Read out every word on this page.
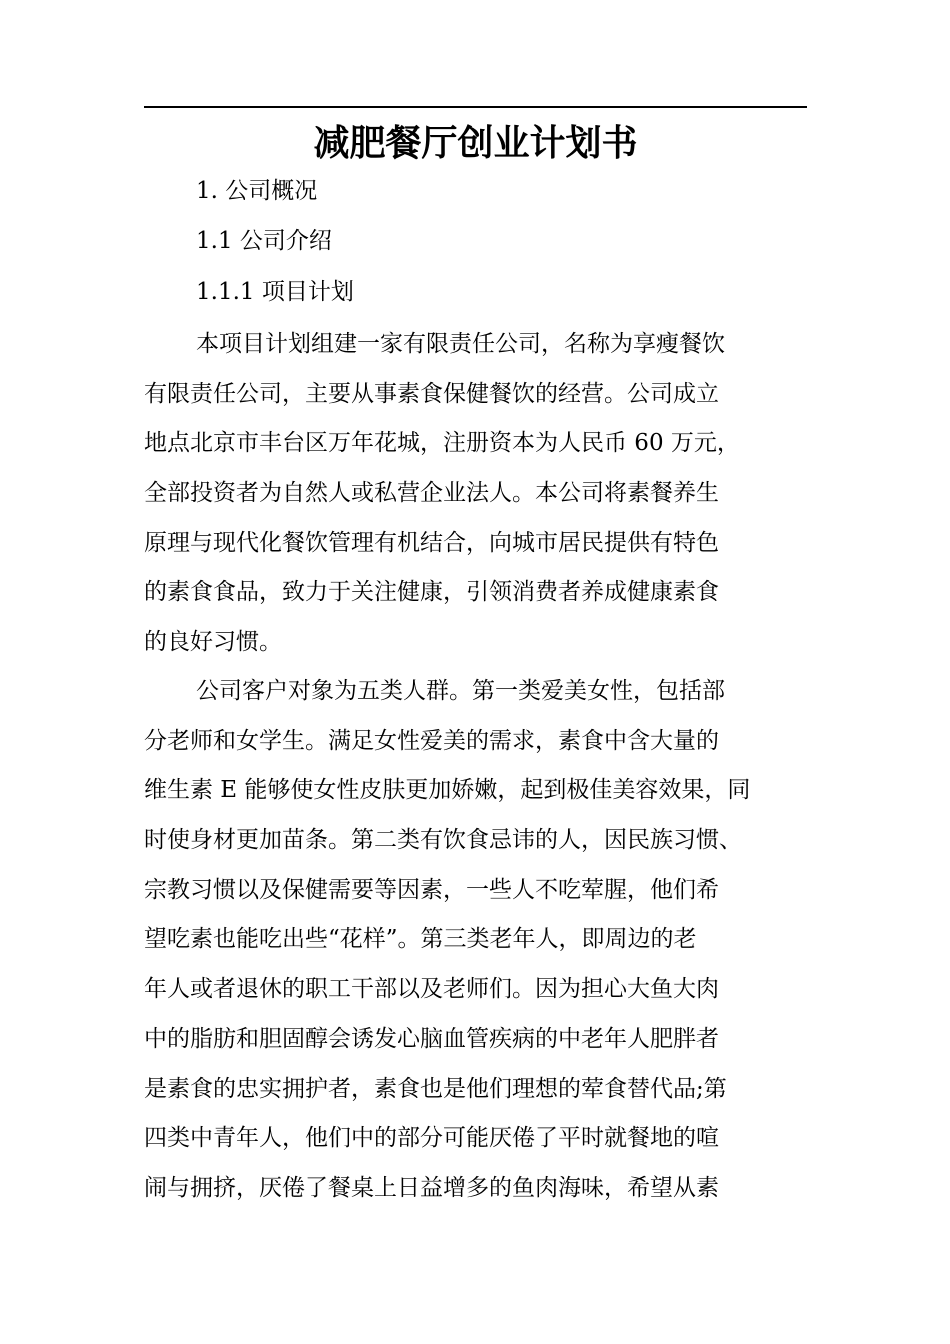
减肥餐厅创业计划书
1. 公司概况
1.1 公司介绍
1.1.1 项目计划
本项目计划组建一家有限责任公司，名称为享瘦餐饮
有限责任公司，主要从事素食保健餐饮的经营。公司成立
地点北京市丰台区万年花城，注册资本为人民币 60 万元，
全部投资者为自然人或私营企业法人。本公司将素餐养生
原理与现代化餐饮管理有机结合，向城市居民提供有特色
的素食食品，致力于关注健康，引领消费者养成健康素食
的良好习惯。
公司客户对象为五类人群。第一类爱美女性，包括部
分老师和女学生。满足女性爱美的需求，素食中含大量的
维生素 E 能够使女性皮肤更加娇嫩，起到极佳美容效果，同
时使身材更加苗条。第二类有饮食忌讳的人，因民族习惯、
宗教习惯以及保健需要等因素，一些人不吃荤腥，他们希
望吃素也能吃出些“花样”。第三类老年人，即周边的老
年人或者退休的职工干部以及老师们。因为担心大鱼大肉
中的脂肪和胆固醇会诱发心脑血管疾病的中老年人肥胖者
是素食的忠实拥护者，素食也是他们理想的荤食替代品;第
四类中青年人，他们中的部分可能厌倦了平时就餐地的喧
闹与拥挤，厌倦了餐桌上日益增多的鱼肉海味，希望从素
